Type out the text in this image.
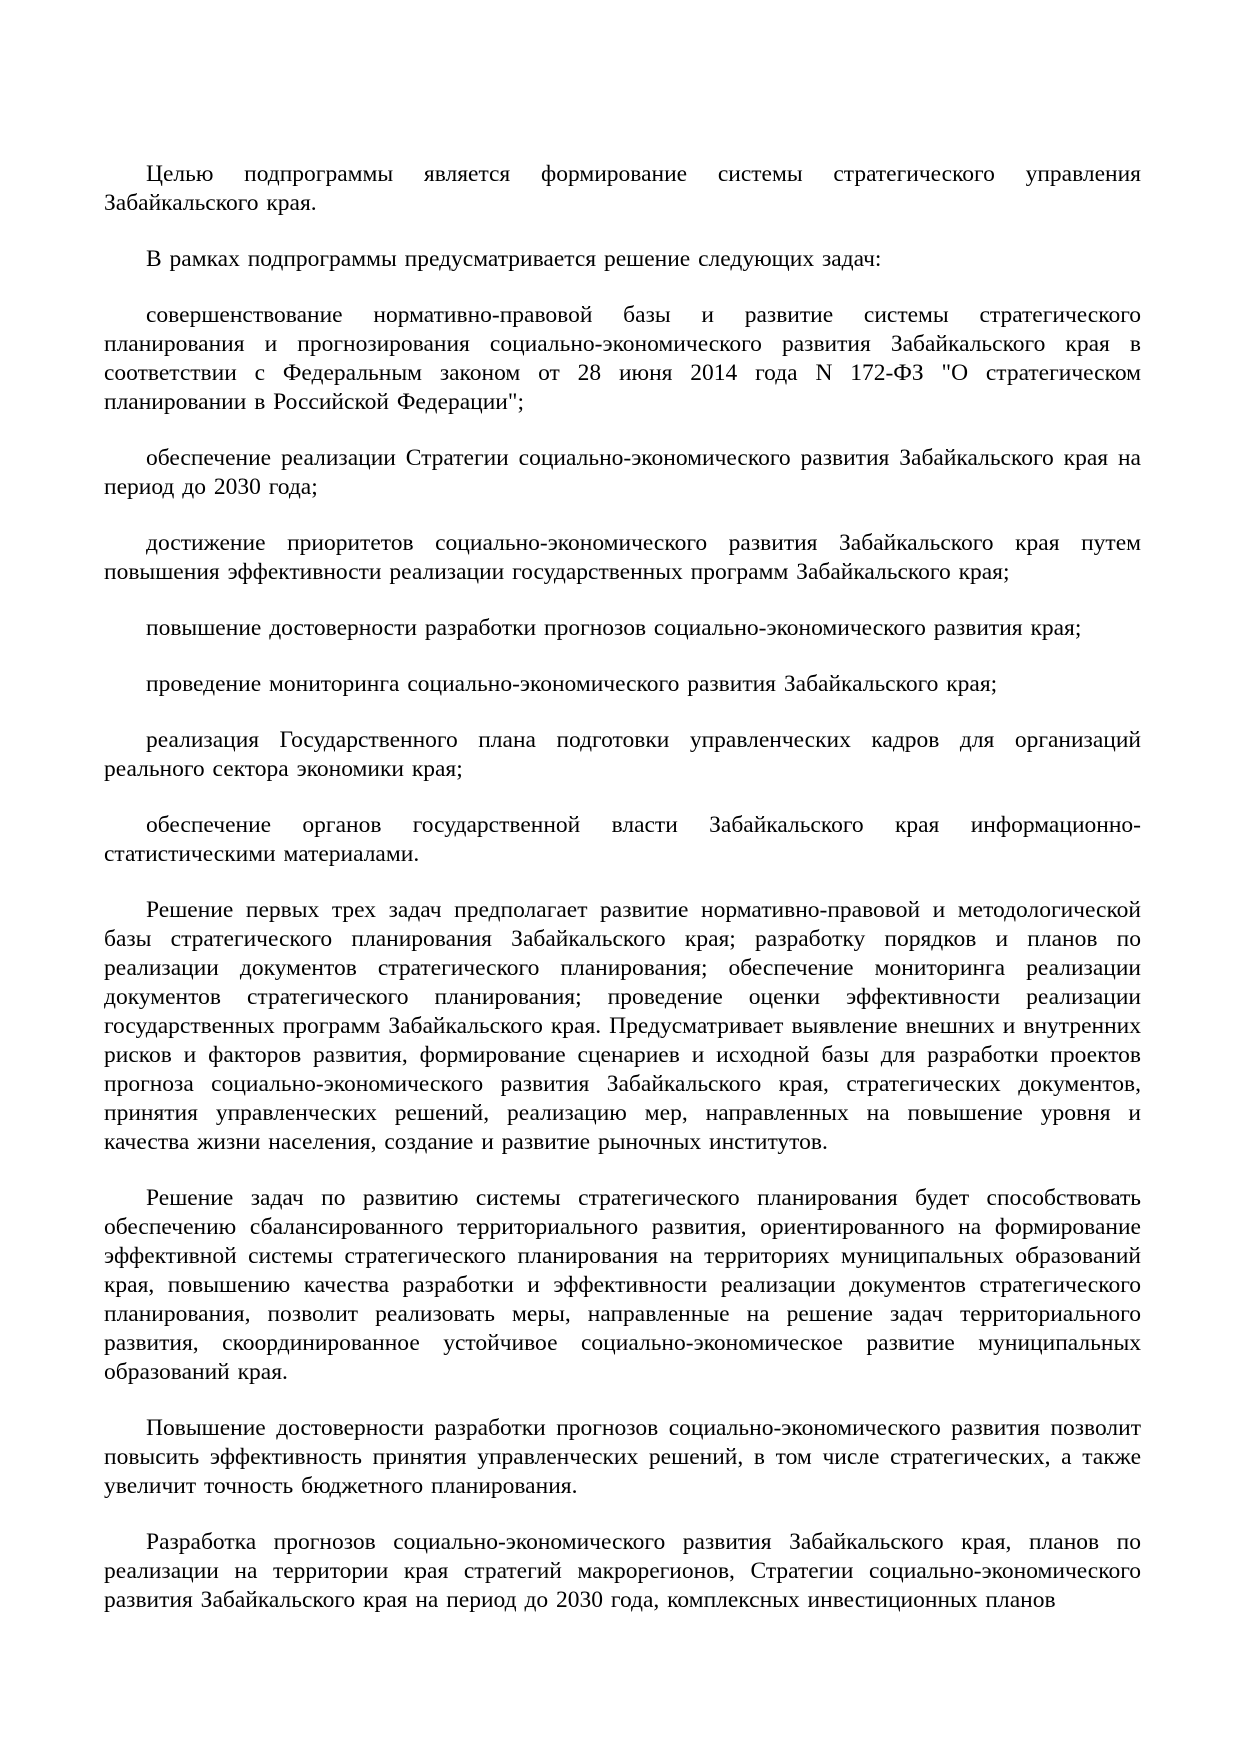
Целью подпрограммы является формирование системы стратегического управления Забайкальского края.

В рамках подпрограммы предусматривается решение следующих задач:

совершенствование нормативно-правовой базы и развитие системы стратегического планирования и прогнозирования социально-экономического развития Забайкальского края в соответствии с Федеральным законом от 28 июня 2014 года N 172-ФЗ "О стратегическом планировании в Российской Федерации";

обеспечение реализации Стратегии социально-экономического развития Забайкальского края на период до 2030 года;

достижение приоритетов социально-экономического развития Забайкальского края путем повышения эффективности реализации государственных программ Забайкальского края;

повышение достоверности разработки прогнозов социально-экономического развития края;

проведение мониторинга социально-экономического развития Забайкальского края;

реализация Государственного плана подготовки управленческих кадров для организаций реального сектора экономики края;

обеспечение органов государственной власти Забайкальского края информационно-статистическими материалами.

Решение первых трех задач предполагает развитие нормативно-правовой и методологической базы стратегического планирования Забайкальского края; разработку порядков и планов по реализации документов стратегического планирования; обеспечение мониторинга реализации документов стратегического планирования; проведение оценки эффективности реализации государственных программ Забайкальского края. Предусматривает выявление внешних и внутренних рисков и факторов развития, формирование сценариев и исходной базы для разработки проектов прогноза социально-экономического развития Забайкальского края, стратегических документов, принятия управленческих решений, реализацию мер, направленных на повышение уровня и качества жизни населения, создание и развитие рыночных институтов.

Решение задач по развитию системы стратегического планирования будет способствовать обеспечению сбалансированного территориального развития, ориентированного на формирование эффективной системы стратегического планирования на территориях муниципальных образований края, повышению качества разработки и эффективности реализации документов стратегического планирования, позволит реализовать меры, направленные на решение задач территориального развития, скоординированное устойчивое социально-экономическое развитие муниципальных образований края.

Повышение достоверности разработки прогнозов социально-экономического развития позволит повысить эффективность принятия управленческих решений, в том числе стратегических, а также увеличит точность бюджетного планирования.

Разработка прогнозов социально-экономического развития Забайкальского края, планов по реализации на территории края стратегий макрорегионов, Стратегии социально-экономического развития Забайкальского края на период до 2030 года, комплексных инвестиционных планов
